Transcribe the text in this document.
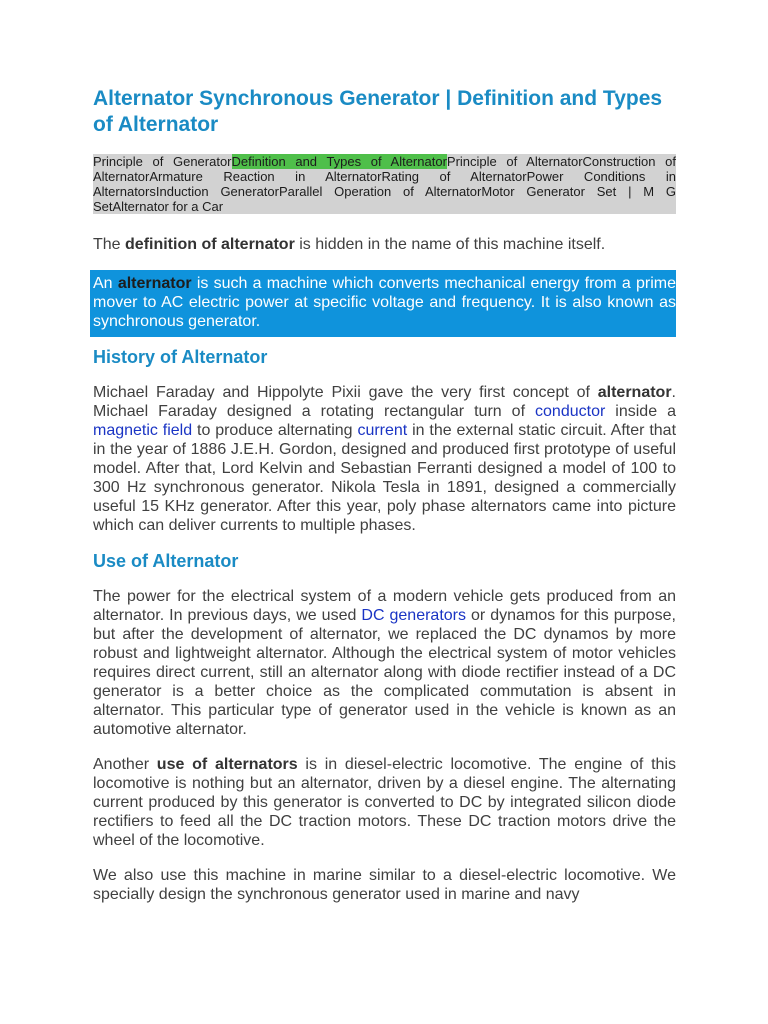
Alternator Synchronous Generator | Definition and Types of Alternator
Principle of GeneratorDefinition and Types of AlternatorPrinciple of AlternatorConstruction of AlternatorArmature Reaction in AlternatorRating of AlternatorPower Conditions in AlternatorsInduction GeneratorParallel Operation of AlternatorMotor Generator Set | M G SetAlternator for a Car

The definition of alternator is hidden in the name of this machine itself.

An alternator is such a machine which converts mechanical energy from a prime mover to AC electric power at specific voltage and frequency. It is also known as synchronous generator.
History of Alternator

Michael Faraday and Hippolyte Pixii gave the very first concept of alternator. Michael Faraday designed a rotating rectangular turn of conductor inside a magnetic field to produce alternating current in the external static circuit. After that in the year of 1886 J.E.H. Gordon, designed and produced first prototype of useful model. After that, Lord Kelvin and Sebastian Ferranti designed a model of 100 to 300 Hz synchronous generator. Nikola Tesla in 1891, designed a commercially useful 15 KHz generator. After this year, poly phase alternators came into picture which can deliver currents to multiple phases.

Use of Alternator

The power for the electrical system of a modern vehicle gets produced from an alternator. In previous days, we used DC generators or dynamos for this purpose, but after the development of alternator, we replaced the DC dynamos by more robust and lightweight alternator. Although the electrical system of motor vehicles requires direct current, still an alternator along with diode rectifier instead of a DC generator is a better choice as the complicated commutation is absent in alternator. This particular type of generator used in the vehicle is known as an automotive alternator.

Another use of alternators is in diesel-electric locomotive. The engine of this locomotive is nothing but an alternator, driven by a diesel engine. The alternating current produced by this generator is converted to DC by integrated silicon diode rectifiers to feed all the DC traction motors. These DC traction motors drive the wheel of the locomotive.

We also use this machine in marine similar to a diesel-electric locomotive. We specially design the synchronous generator used in marine and navy
